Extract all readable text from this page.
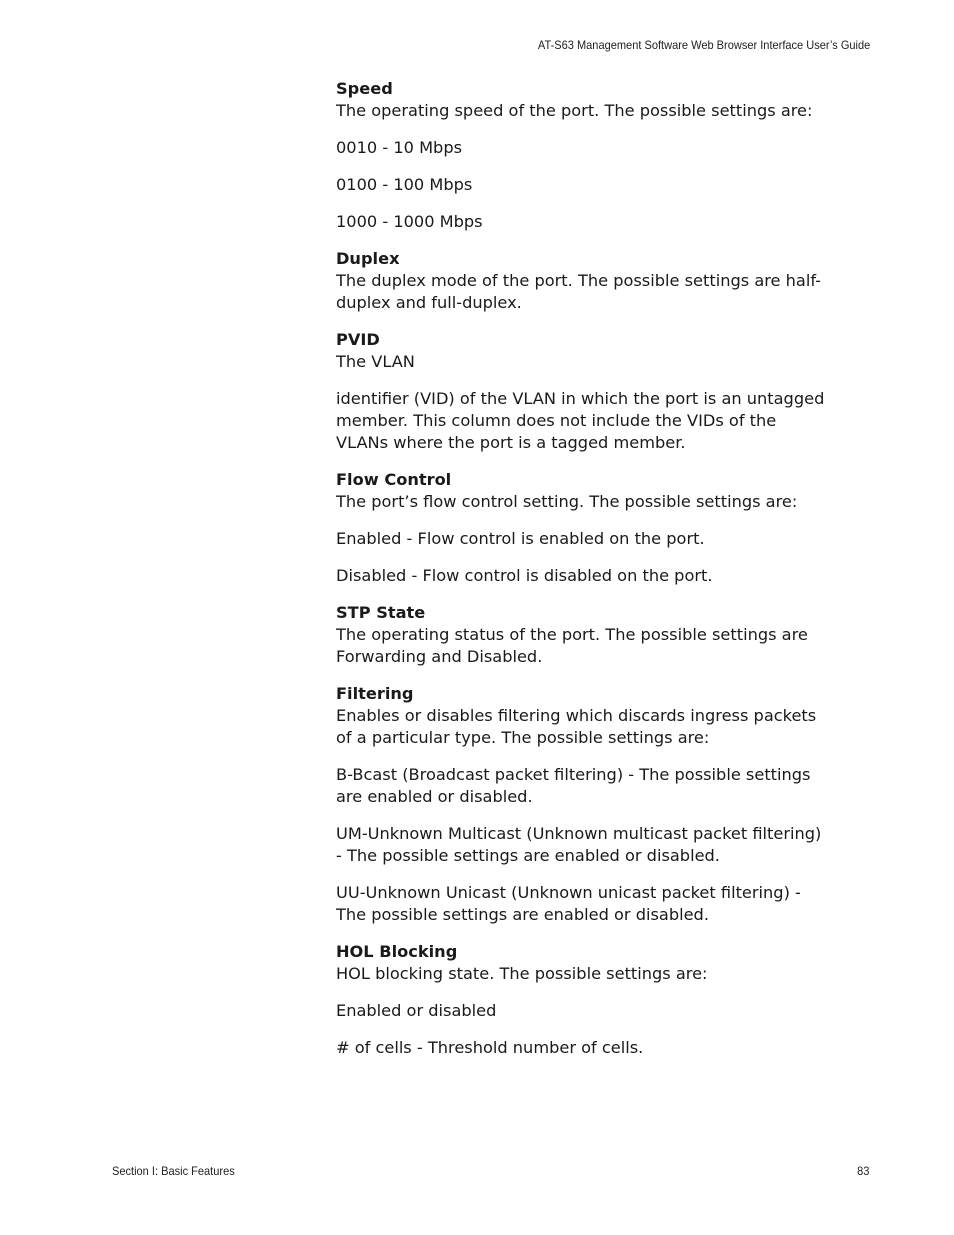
AT-S63 Management Software Web Browser Interface User’s Guide
Speed
The operating speed of the port. The possible settings are:
0010 - 10 Mbps
0100 - 100 Mbps
1000 - 1000 Mbps
Duplex
The duplex mode of the port. The possible settings are half-duplex and full-duplex.
PVID
The VLAN
identifier (VID) of the VLAN in which the port is an untagged member. This column does not include the VIDs of the VLANs where the port is a tagged member.
Flow Control
The port’s flow control setting. The possible settings are:
Enabled - Flow control is enabled on the port.
Disabled - Flow control is disabled on the port.
STP State
The operating status of the port. The possible settings are Forwarding and Disabled.
Filtering
Enables or disables filtering which discards ingress packets of a particular type. The possible settings are:
B-Bcast (Broadcast packet filtering) - The possible settings are enabled or disabled.
UM-Unknown Multicast (Unknown multicast packet filtering) - The possible settings are enabled or disabled.
UU-Unknown Unicast (Unknown unicast packet filtering) - The possible settings are enabled or disabled.
HOL Blocking
HOL blocking state. The possible settings are:
Enabled or disabled
# of cells - Threshold number of cells.
Section I: Basic Features	83
